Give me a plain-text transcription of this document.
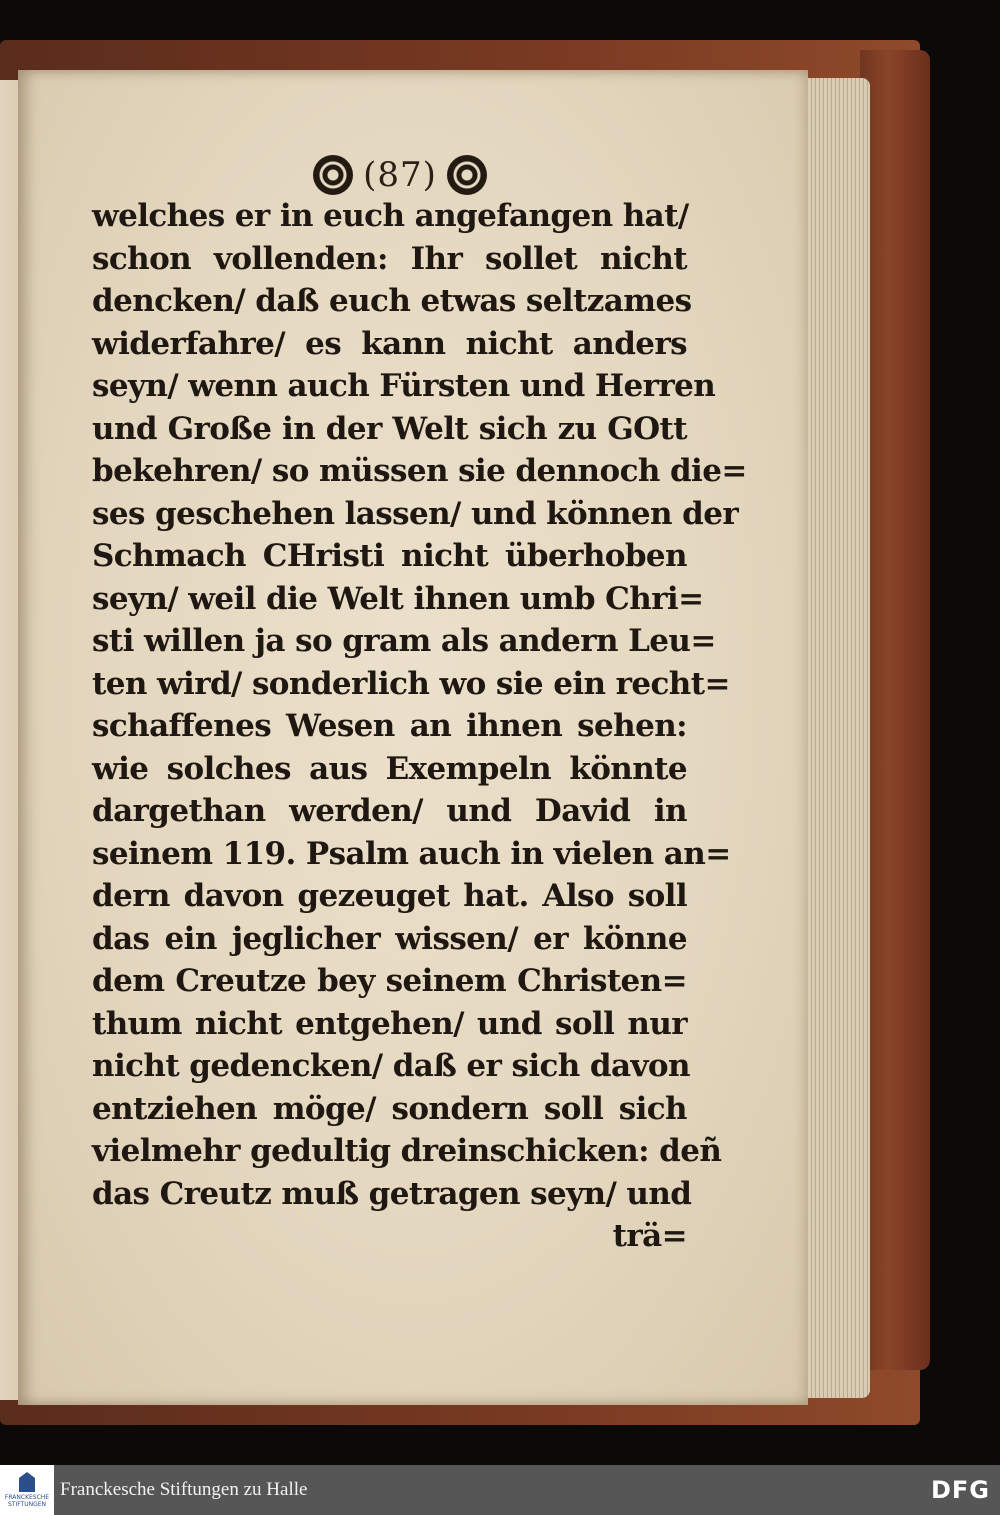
(87)
welches er in euch angefangen hat/
schon vollenden: Ihr sollet nicht
dencken/ daß euch etwas seltzames
widerfahre/ es kann nicht anders
seyn/ wenn auch Fürsten und Herren
und Große in der Welt sich zu GOtt
bekehren/ so müssen sie dennoch die=
ses geschehen lassen/ und können der
Schmach CHristi nicht überhoben
seyn/ weil die Welt ihnen umb Chri=
sti willen ja so gram als andern Leu=
ten wird/ sonderlich wo sie ein recht=
schaffenes Wesen an ihnen sehen:
wie solches aus Exempeln könnte
dargethan werden/ und David in
seinem 119. Psalm auch in vielen an=
dern davon gezeuget hat. Also soll
das ein jeglicher wissen/ er könne
dem Creutze bey seinem Christen=
thum nicht entgehen/ und soll nur
nicht gedencken/ daß er sich davon
entziehen möge/ sondern soll sich
vielmehr gedultig dreinschicken: deñ
das Creutz muß getragen seyn/ und
trä=
FRANCKESCHE STIFTUNGEN
Franckesche Stiftungen zu Halle	DFG
